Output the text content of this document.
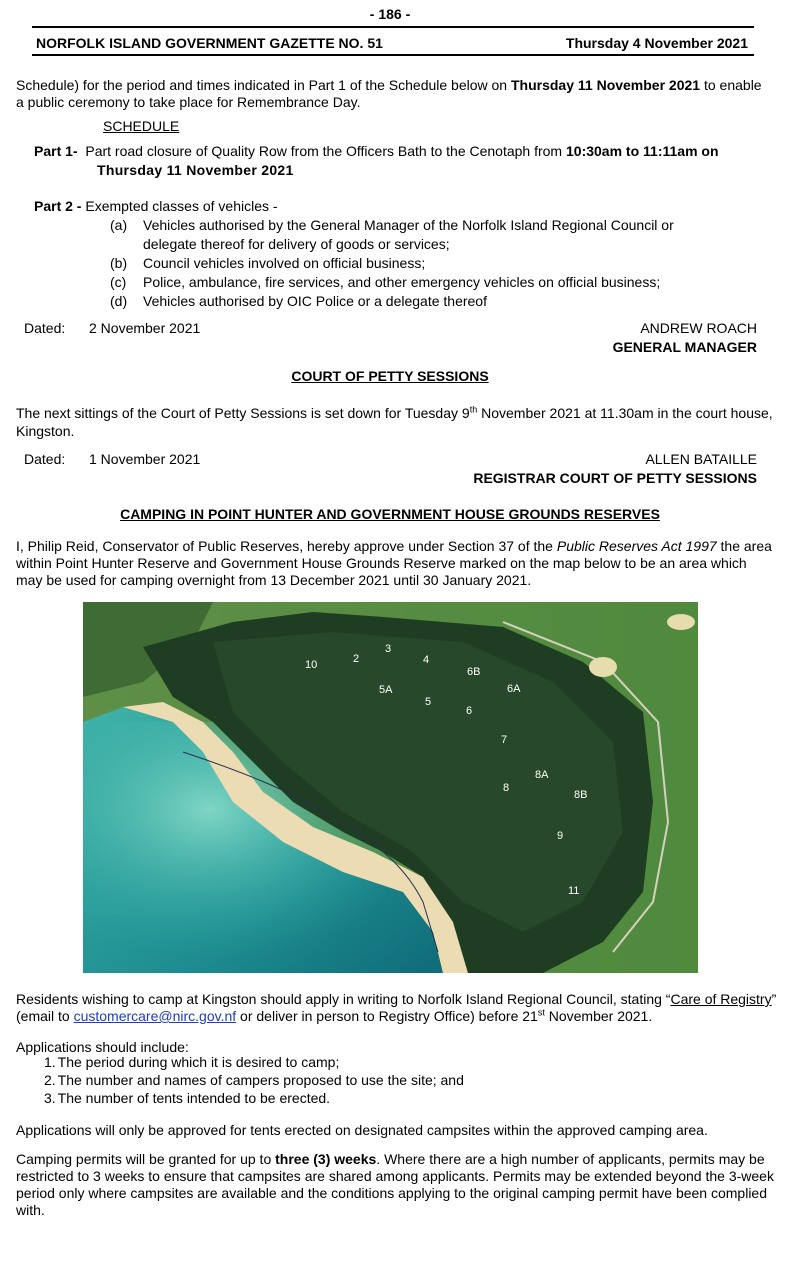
- 186 -
NORFOLK ISLAND GOVERNMENT GAZETTE NO. 51	Thursday 4 November 2021
Schedule) for the period and times indicated in Part 1 of the Schedule below on Thursday 11 November 2021 to enable
a public ceremony to take place for Remembrance Day.
SCHEDULE
Part 1- Part road closure of Quality Row from the Officers Bath to the Cenotaph from 10:30am to 11:11am on
Thursday 11 November 2021
Part 2 - Exempted classes of vehicles -
(a) Vehicles authorised by the General Manager of the Norfolk Island Regional Council or
delegate thereof for delivery of goods or services;
(b) Council vehicles involved on official business;
(c) Police, ambulance, fire services, and other emergency vehicles on official business;
(d) Vehicles authorised by OIC Police or a delegate thereof
Dated: 2 November 2021	ANDREW ROACH
GENERAL MANAGER
COURT OF PETTY SESSIONS
The next sittings of the Court of Petty Sessions is set down for Tuesday 9th November 2021 at 11.30am in the court house,
Kingston.
Dated: 1 November 2021	ALLEN BATAILLE
REGISTRAR COURT OF PETTY SESSIONS
CAMPING IN POINT HUNTER AND GOVERNMENT HOUSE GROUNDS RESERVES
I, Philip Reid, Conservator of Public Reserves, hereby approve under Section 37 of the Public Reserves Act 1997 the area
within Point Hunter Reserve and Government House Grounds Reserve marked on the map below to be an area which
may be used for camping overnight from 13 December 2021 until 30 January 2021.
10	2
3
4
6B
5A	6A
5
6
7
8A
8
8B
9
11
Residents wishing to camp at Kingston should apply in writing to Norfolk Island Regional Council, stating “Care of Registry”
(email to customercare@nirc.gov.nf or deliver in person to Registry Office) before 21st November 2021.
Applications should include:
1. The period during which it is desired to camp;
2. The number and names of campers proposed to use the site; and
3. The number of tents intended to be erected.
Applications will only be approved for tents erected on designated campsites within the approved camping area.
Camping permits will be granted for up to three (3) weeks. Where there are a high number of applicants, permits may be
restricted to 3 weeks to ensure that campsites are shared among applicants. Permits may be extended beyond the 3-week
period only where campsites are available and the conditions applying to the original camping permit have been complied
with.
